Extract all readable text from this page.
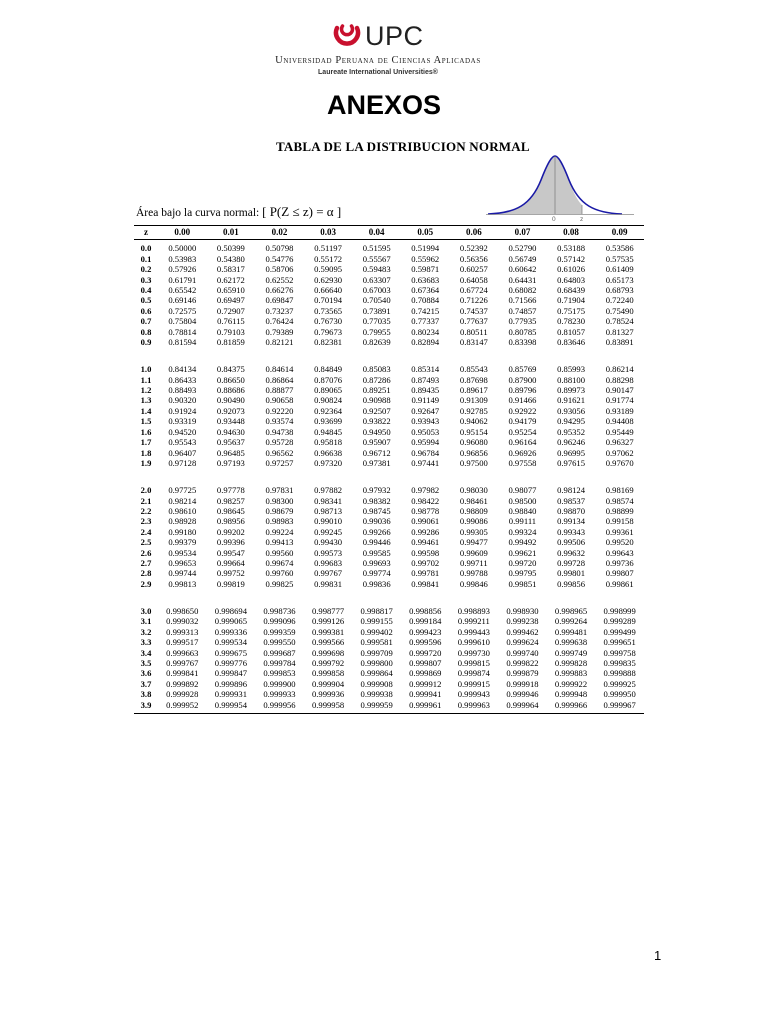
UPC
Universidad Peruana de Ciencias Aplicadas
Laureate International Universities®
ANEXOS
TABLA DE LA DISTRIBUCION NORMAL
Área bajo la curva normal: [ P(Z ≤ z) = α ]
0	z
z	0.00	0.01	0.02	0.03	0.04	0.05	0.06	0.07	0.08	0.09
0.0	0.50000	0.50399	0.50798	0.51197	0.51595	0.51994	0.52392	0.52790	0.53188	0.53586
0.1	0.53983	0.54380	0.54776	0.55172	0.55567	0.55962	0.56356	0.56749	0.57142	0.57535
0.2	0.57926	0.58317	0.58706	0.59095	0.59483	0.59871	0.60257	0.60642	0.61026	0.61409
0.3	0.61791	0.62172	0.62552	0.62930	0.63307	0.63683	0.64058	0.64431	0.64803	0.65173
0.4	0.65542	0.65910	0.66276	0.66640	0.67003	0.67364	0.67724	0.68082	0.68439	0.68793
0.5	0.69146	0.69497	0.69847	0.70194	0.70540	0.70884	0.71226	0.71566	0.71904	0.72240
0.6	0.72575	0.72907	0.73237	0.73565	0.73891	0.74215	0.74537	0.74857	0.75175	0.75490
0.7	0.75804	0.76115	0.76424	0.76730	0.77035	0.77337	0.77637	0.77935	0.78230	0.78524
0.8	0.78814	0.79103	0.79389	0.79673	0.79955	0.80234	0.80511	0.80785	0.81057	0.81327
0.9	0.81594	0.81859	0.82121	0.82381	0.82639	0.82894	0.83147	0.83398	0.83646	0.83891

1.0	0.84134	0.84375	0.84614	0.84849	0.85083	0.85314	0.85543	0.85769	0.85993	0.86214
1.1	0.86433	0.86650	0.86864	0.87076	0.87286	0.87493	0.87698	0.87900	0.88100	0.88298
1.2	0.88493	0.88686	0.88877	0.89065	0.89251	0.89435	0.89617	0.89796	0.89973	0.90147
1.3	0.90320	0.90490	0.90658	0.90824	0.90988	0.91149	0.91309	0.91466	0.91621	0.91774
1.4	0.91924	0.92073	0.92220	0.92364	0.92507	0.92647	0.92785	0.92922	0.93056	0.93189
1.5	0.93319	0.93448	0.93574	0.93699	0.93822	0.93943	0.94062	0.94179	0.94295	0.94408
1.6	0.94520	0.94630	0.94738	0.94845	0.94950	0.95053	0.95154	0.95254	0.95352	0.95449
1.7	0.95543	0.95637	0.95728	0.95818	0.95907	0.95994	0.96080	0.96164	0.96246	0.96327
1.8	0.96407	0.96485	0.96562	0.96638	0.96712	0.96784	0.96856	0.96926	0.96995	0.97062
1.9	0.97128	0.97193	0.97257	0.97320	0.97381	0.97441	0.97500	0.97558	0.97615	0.97670

2.0	0.97725	0.97778	0.97831	0.97882	0.97932	0.97982	0.98030	0.98077	0.98124	0.98169
2.1	0.98214	0.98257	0.98300	0.98341	0.98382	0.98422	0.98461	0.98500	0.98537	0.98574
2.2	0.98610	0.98645	0.98679	0.98713	0.98745	0.98778	0.98809	0.98840	0.98870	0.98899
2.3	0.98928	0.98956	0.98983	0.99010	0.99036	0.99061	0.99086	0.99111	0.99134	0.99158
2.4	0.99180	0.99202	0.99224	0.99245	0.99266	0.99286	0.99305	0.99324	0.99343	0.99361
2.5	0.99379	0.99396	0.99413	0.99430	0.99446	0.99461	0.99477	0.99492	0.99506	0.99520
2.6	0.99534	0.99547	0.99560	0.99573	0.99585	0.99598	0.99609	0.99621	0.99632	0.99643
2.7	0.99653	0.99664	0.99674	0.99683	0.99693	0.99702	0.99711	0.99720	0.99728	0.99736
2.8	0.99744	0.99752	0.99760	0.99767	0.99774	0.99781	0.99788	0.99795	0.99801	0.99807
2.9	0.99813	0.99819	0.99825	0.99831	0.99836	0.99841	0.99846	0.99851	0.99856	0.99861

3.0	0.998650	0.998694	0.998736	0.998777	0.998817	0.998856	0.998893	0.998930	0.998965	0.998999
3.1	0.999032	0.999065	0.999096	0.999126	0.999155	0.999184	0.999211	0.999238	0.999264	0.999289
3.2	0.999313	0.999336	0.999359	0.999381	0.999402	0.999423	0.999443	0.999462	0.999481	0.999499
3.3	0.999517	0.999534	0.999550	0.999566	0.999581	0.999596	0.999610	0.999624	0.999638	0.999651
3.4	0.999663	0.999675	0.999687	0.999698	0.999709	0.999720	0.999730	0.999740	0.999749	0.999758
3.5	0.999767	0.999776	0.999784	0.999792	0.999800	0.999807	0.999815	0.999822	0.999828	0.999835
3.6	0.999841	0.999847	0.999853	0.999858	0.999864	0.999869	0.999874	0.999879	0.999883	0.999888
3.7	0.999892	0.999896	0.999900	0.999904	0.999908	0.999912	0.999915	0.999918	0.999922	0.999925
3.8	0.999928	0.999931	0.999933	0.999936	0.999938	0.999941	0.999943	0.999946	0.999948	0.999950
3.9	0.999952	0.999954	0.999956	0.999958	0.999959	0.999961	0.999963	0.999964	0.999966	0.999967
1
